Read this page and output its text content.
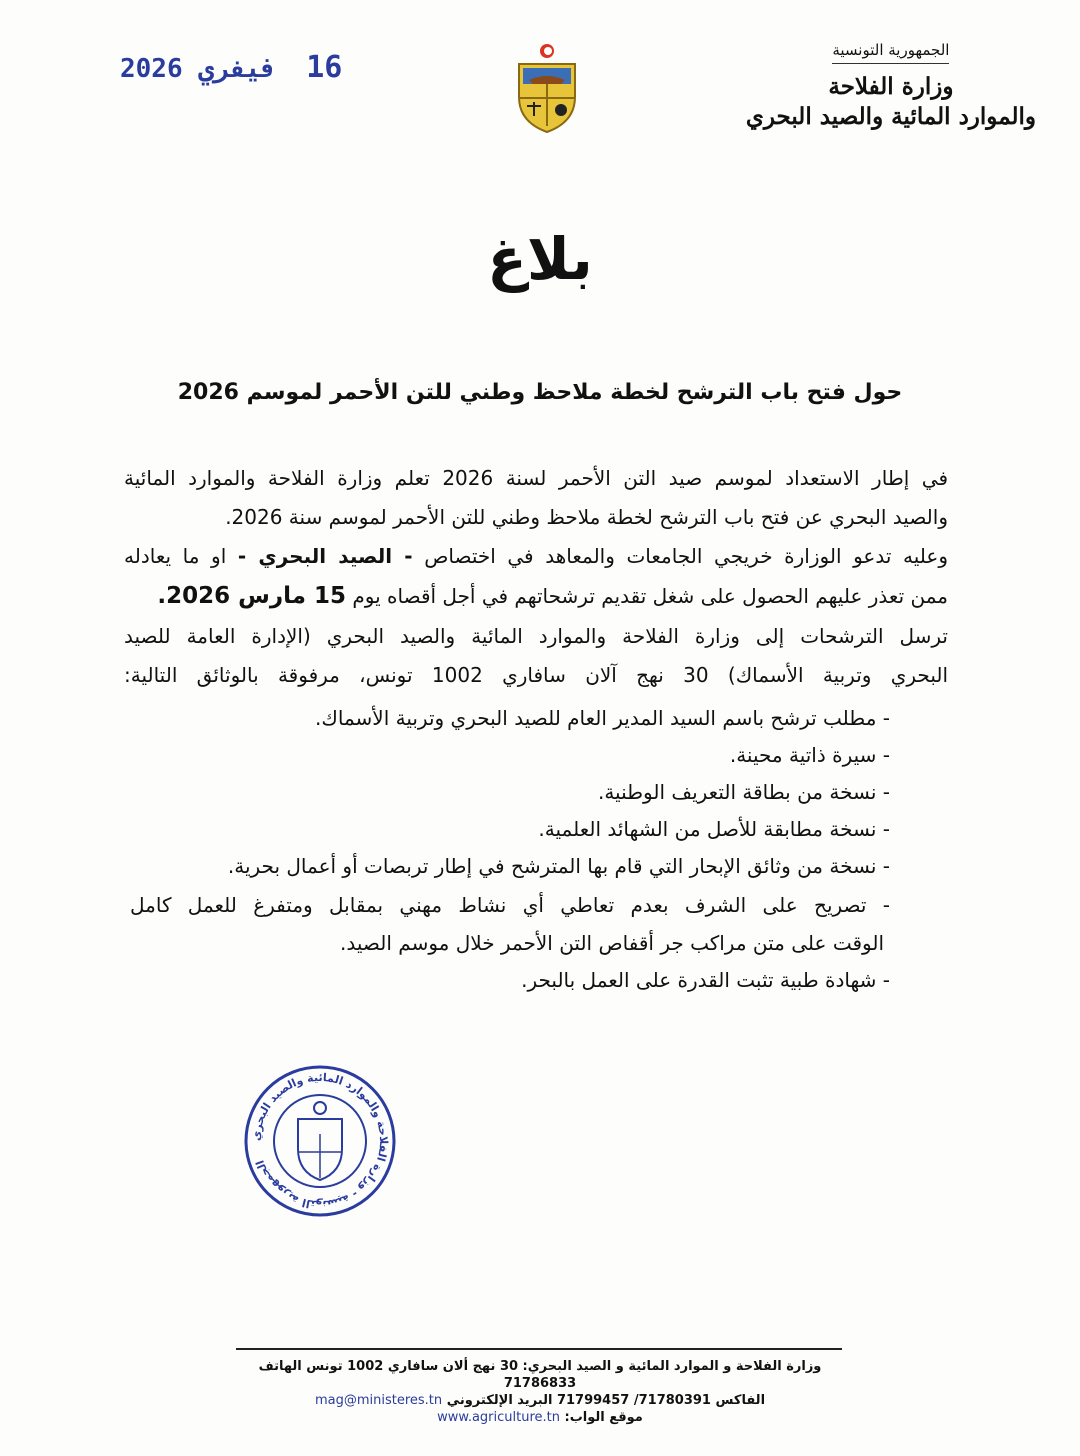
16 فيفري 2026
الجمهورية التونسية
وزارة الفلاحة
والموارد المائية والصيد البحري
بلاغ
حول فتح باب الترشح لخطة ملاحظ وطني للتن الأحمر لموسم 2026
في إطار الاستعداد لموسم صيد التن الأحمر لسنة 2026 تعلم وزارة الفلاحة والموارد المائية
والصيد البحري عن فتح باب الترشح لخطة ملاحظ وطني للتن الأحمر لموسم سنة 2026.
وعليه تدعو الوزارة خريجي الجامعات والمعاهد في اختصاص - الصيد البحري - او ما يعادله
ممن تعذر عليهم الحصول على شغل تقديم ترشحاتهم في أجل أقصاه يوم 15 مارس 2026.
ترسل الترشحات إلى وزارة الفلاحة والموارد المائية والصيد البحري (الإدارة العامة للصيد
البحري وتربية الأسماك) 30 نهج آلان سافاري 1002 تونس، مرفوقة بالوثائق التالية:
- مطلب ترشح باسم السيد المدير العام للصيد البحري وتربية الأسماك.
- سيرة ذاتية محينة.
- نسخة من بطاقة التعريف الوطنية.
- نسخة مطابقة للأصل من الشهائد العلمية.
- نسخة من وثائق الإبحار التي قام بها المترشح في إطار تربصات أو أعمال بحرية.
- تصريح على الشرف بعدم تعاطي أي نشاط مهني بمقابل ومتفرغ للعمل كامل
الوقت على متن مراكب جر أقفاص التن الأحمر خلال موسم الصيد.
- شهادة طبية تثبت القدرة على العمل بالبحر.
الجمهورية التونسية - وزارة الفلاحة والموارد المائية والصيد البحري
وزارة الفلاحة و الموارد المائية و الصيد البحري: 30 نهج ألان سافاري 1002 تونس الهاتف 71786833
الفاكس 71780391/ 71799457 البريد الإلكتروني mag@ministeres.tn
موقع الواب: www.agriculture.tn
